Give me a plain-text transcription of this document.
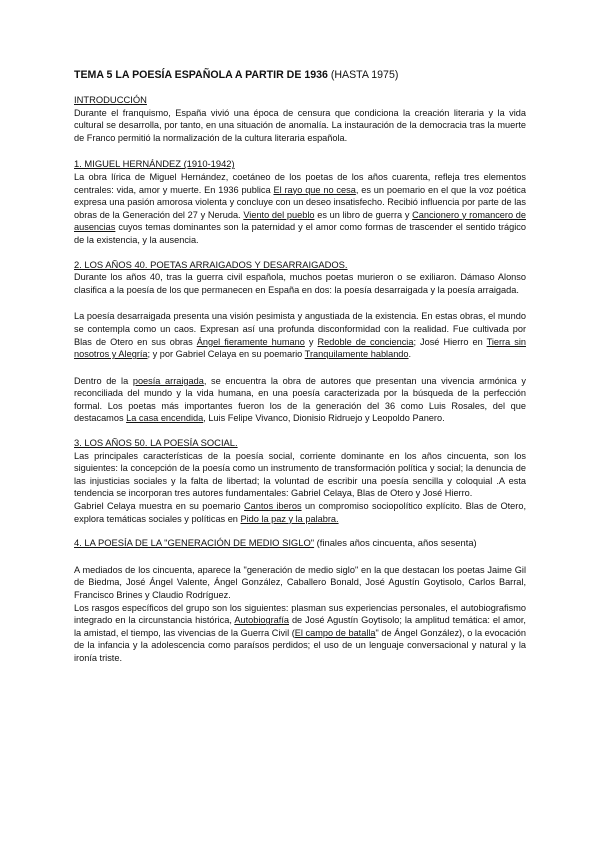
TEMA 5 LA POESÍA ESPAÑOLA A PARTIR DE 1936 (HASTA 1975)
INTRODUCCIÓN

Durante el franquismo, España vivió una época de censura que condiciona la creación literaria y la vida cultural se desarrolla, por tanto, en una situación de anomalía. La instauración de la democracia tras la muerte de Franco permitió la normalización de la cultura literaria española.

1. MIGUEL HERNÁNDEZ (1910-1942)

La obra lírica de Miguel Hernández, coetáneo de los poetas de los años cuarenta, refleja tres elementos centrales: vida, amor y muerte. En 1936 publica El rayo que no cesa, es un poemario en el que la voz poética expresa una pasión amorosa violenta y concluye con un deseo insatisfecho. Recibió influencia por parte de las obras de la Generación del 27 y Neruda. Viento del pueblo es un libro de guerra y Cancionero y romancero de ausencias cuyos temas dominantes son la paternidad y el amor como formas de trascender el sentido trágico de la existencia, y la ausencia.

2. LOS AÑOS 40. POETAS ARRAIGADOS Y DESARRAIGADOS.

Durante los años 40, tras la guerra civil española, muchos poetas murieron o se exiliaron. Dámaso Alonso clasifica a la poesía de los que permanecen en España en dos: la poesía desarraigada y la poesía arraigada.

La poesía desarraigada presenta una visión pesimista y angustiada de la existencia. En estas obras, el mundo se contempla como un caos. Expresan así una profunda disconformidad con la realidad. Fue cultivada por Blas de Otero en sus obras Ángel fieramente humano y Redoble de conciencia; José Hierro en Tierra sin nosotros y Alegría; y por Gabriel Celaya en su poemario Tranquilamente hablando.

Dentro de la poesía arraigada, se encuentra la obra de autores que presentan una vivencia armónica y reconciliada del mundo y la vida humana, en una poesía caracterizada por la búsqueda de la perfección formal. Los poetas más importantes fueron los de la generación del 36 como Luis Rosales, del que destacamos La casa encendida, Luis Felipe Vivanco, Dionisio Ridruejo y Leopoldo Panero.

3. LOS AÑOS 50. LA POESÍA SOCIAL.

Las principales características de la poesía social, corriente dominante en los años cincuenta, son los siguientes: la concepción de la poesía como un instrumento de transformación política y social; la denuncia de las injusticias sociales y la falta de libertad; la voluntad de escribir una poesía sencilla y coloquial .A esta tendencia se incorporan tres autores fundamentales: Gabriel Celaya, Blas de Otero y José Hierro.

Gabriel Celaya muestra en su poemario Cantos iberos un compromiso sociopolítico explícito. Blas de Otero, explora temáticas sociales y políticas en Pido la paz y la palabra.

4. LA POESÍA DE LA "GENERACIÓN DE MEDIO SIGLO" (finales años cincuenta, años sesenta)

A mediados de los cincuenta, aparece la "generación de medio siglo" en la que destacan los poetas Jaime Gil de Biedma, José Ángel Valente, Ángel González, Caballero Bonald, José Agustín Goytisolo, Carlos Barral, Francisco Brines y Claudio Rodríguez.

Los rasgos específicos del grupo son los siguientes: plasman sus experiencias personales, el autobiografismo integrado en la circunstancia histórica, Autobiografía de José Agustín Goytisolo; la amplitud temática: el amor, la amistad, el tiempo, las vivencias de la Guerra Civil (El campo de batalla" de Ángel González), o la evocación de la infancia y la adolescencia como paraísos perdidos; el uso de un lenguaje conversacional y natural y la ironía triste.
